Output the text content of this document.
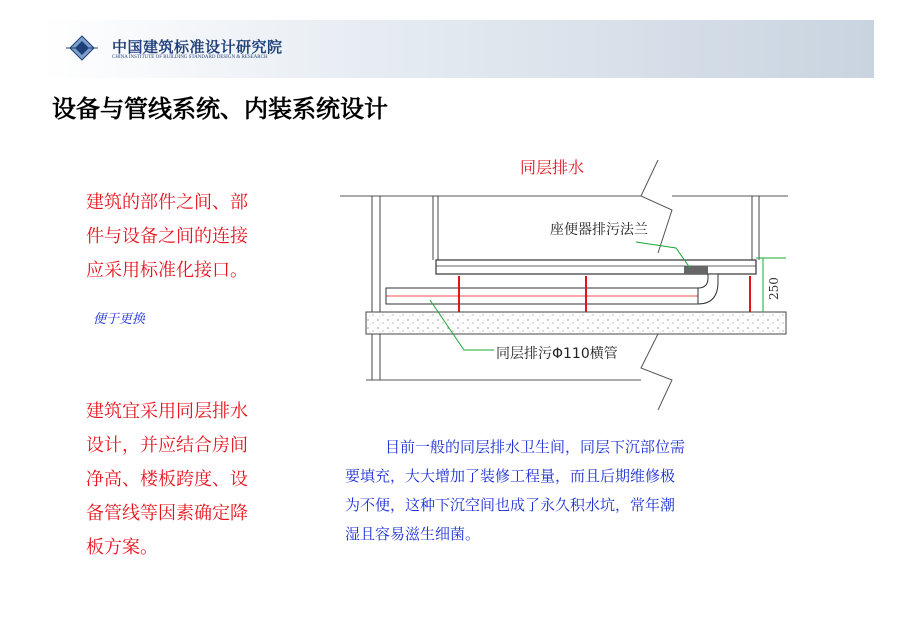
中国建筑标准设计研究院
CHINA INSTITUTE OF BUILDING STANDARD DESIGN & RESEARCH
设备与管线系统、内装系统设计
建筑的部件之间、部
件与设备之间的连接
应采用标准化接口。
便于更换
建筑宜采用同层排水
设计，并应结合房间
净高、楼板跨度、设
备管线等因素确定降
板方案。
同层排水
250
座便器排污法兰
同层排污Φ110横管
目前一般的同层排水卫生间，同层下沉部位需
要填充，大大增加了装修工程量，而且后期维修极
为不便，这种下沉空间也成了永久积水坑，常年潮
湿且容易滋生细菌。
